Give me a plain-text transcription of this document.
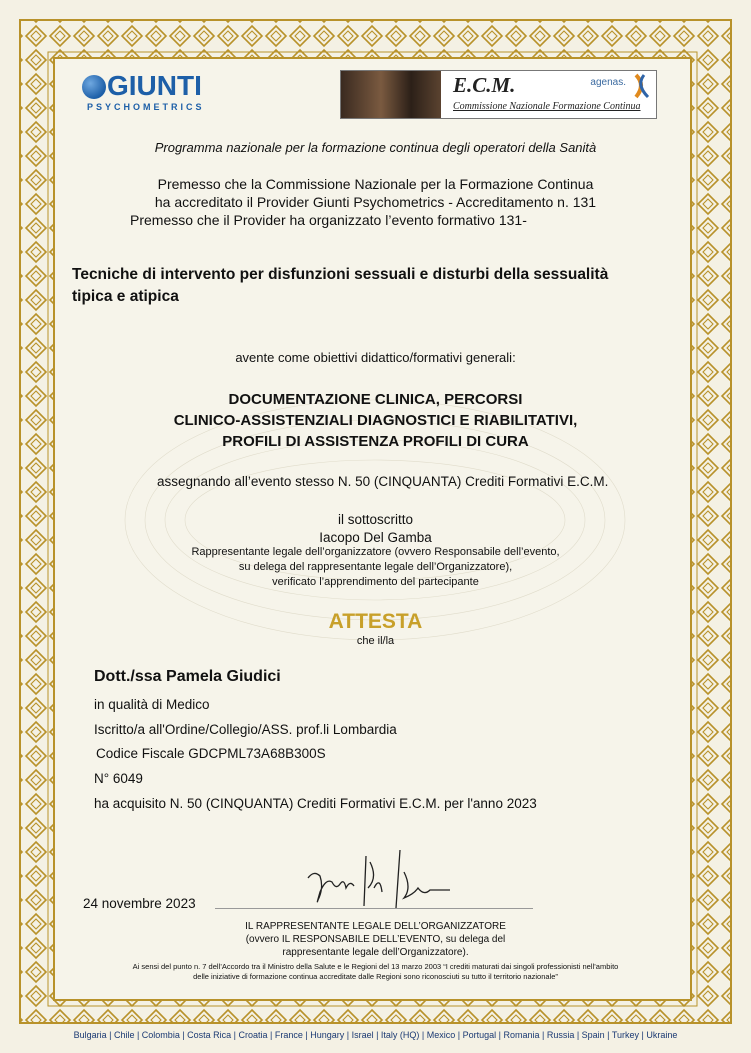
GIUNTI
PSYCHOMETRICS
E.C.M.
Commissione Nazionale Formazione Continua
agenas.
Programma nazionale per la formazione continua degli operatori della Sanità
Premesso che la Commissione Nazionale per la Formazione Continua
ha accreditato il Provider Giunti Psychometrics - Accreditamento n. 131
Premesso che il Provider ha organizzato l’evento formativo 131-
Tecniche di intervento per disfunzioni sessuali e disturbi della sessualità
tipica e atipica
avente come obiettivi didattico/formativi generali:
DOCUMENTAZIONE CLINICA, PERCORSI
CLINICO-ASSISTENZIALI DIAGNOSTICI E RIABILITATIVI,
PROFILI DI ASSISTENZA PROFILI DI CURA
assegnando all’evento stesso N. 50 (CINQUANTA) Crediti Formativi E.C.M.
il sottoscritto
Iacopo Del Gamba
Rappresentante legale dell’organizzatore (ovvero Responsabile dell’evento,
su delega del rappresentante legale dell’Organizzatore),
verificato l’apprendimento del partecipante
ATTESTA
che il/la
Dott./ssa Pamela Giudici
in qualità di Medico
Iscritto/a all'Ordine/Collegio/ASS. prof.li Lombardia
Codice Fiscale GDCPML73A68B300S
N° 6049
ha acquisito N. 50 (CINQUANTA) Crediti Formativi E.C.M. per l'anno 2023
24 novembre 2023
IL RAPPRESENTANTE LEGALE DELL’ORGANIZZATORE
(ovvero IL RESPONSABILE DELL’EVENTO, su delega del
rappresentante legale dell’Organizzatore).
Ai sensi del punto n. 7 dell’Accordo tra il Ministro della Salute e le Regioni del 13 marzo 2003 “I crediti maturati dai singoli professionisti nell’ambito
delle iniziative di formazione continua accreditate dalle Regioni sono riconosciuti su tutto il territorio nazionale”
Bulgaria | Chile | Colombia | Costa Rica | Croatia | France | Hungary | Israel | Italy (HQ) | Mexico | Portugal | Romania | Russia | Spain | Turkey | Ukraine
